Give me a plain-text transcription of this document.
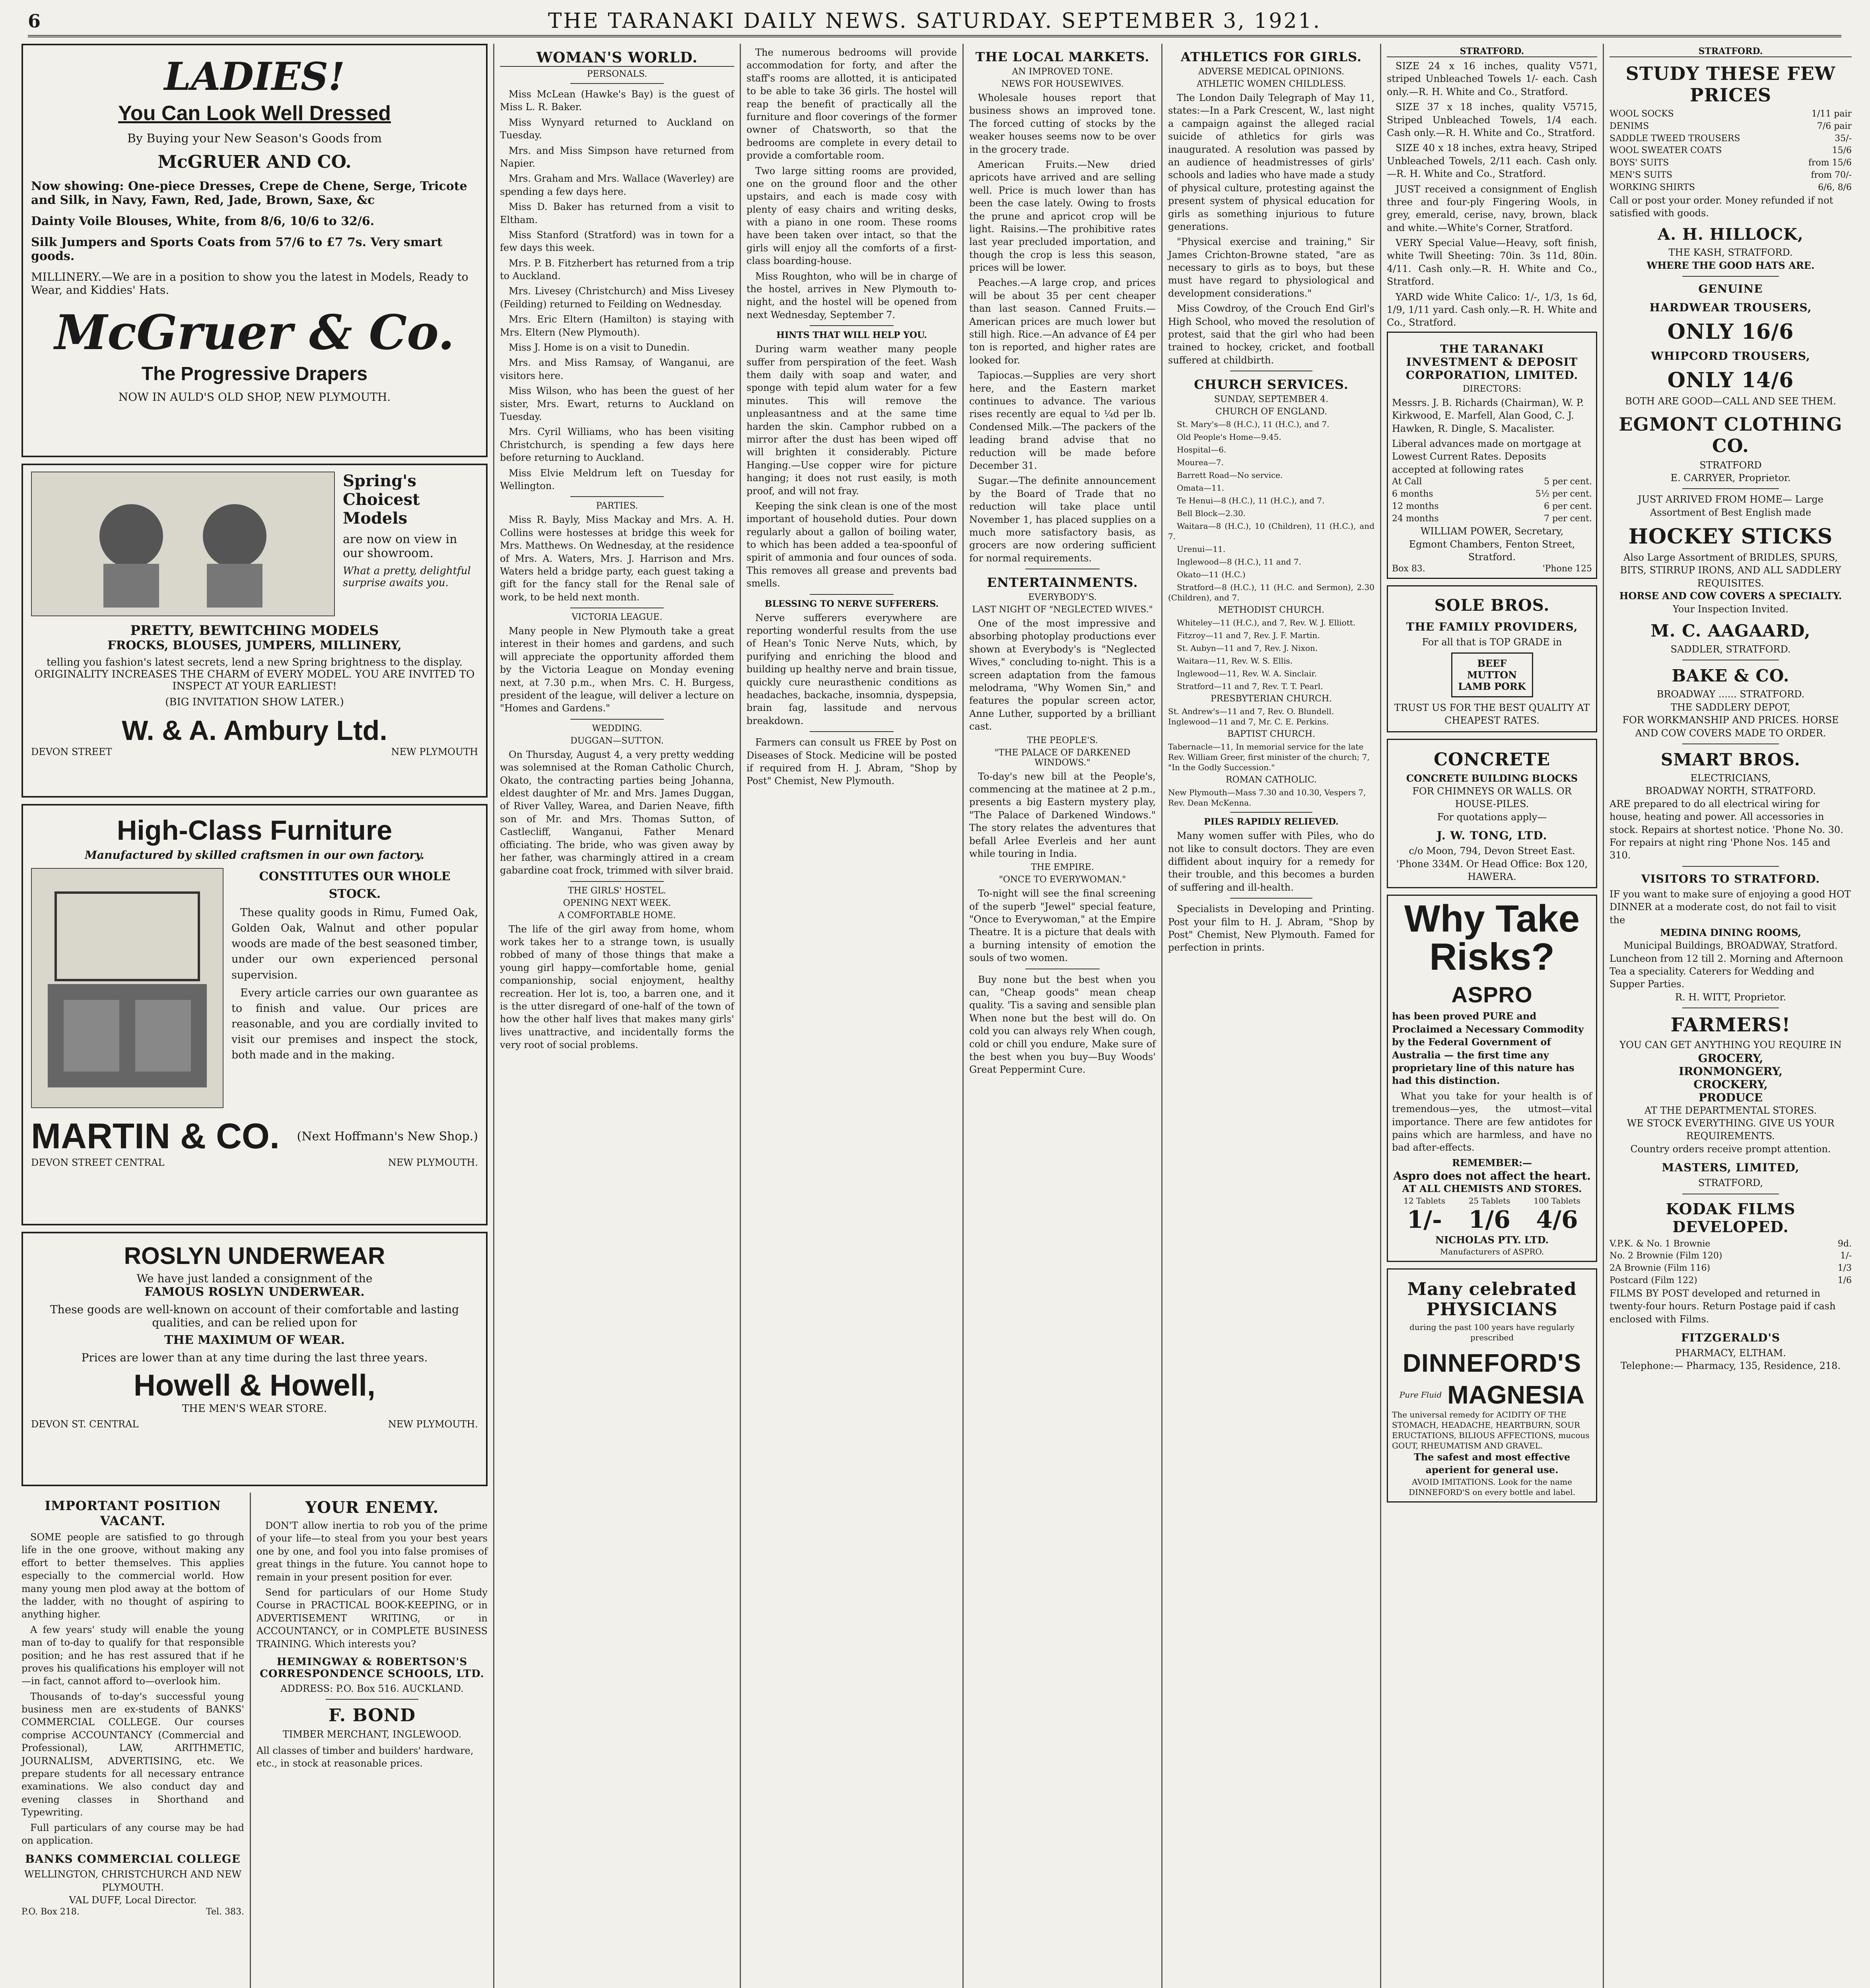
6	THE TARANAKI DAILY NEWS. SATURDAY. SEPTEMBER 3, 1921.
LADIES!
You Can Look Well Dressed
By Buying your New Season's Goods from
McGRUER AND CO.
Now showing: One-piece Dresses, Crepe de Chene, Serge, Tricote and Silk, in Navy, Fawn, Red, Jade, Brown, Saxe, &c
Dainty Voile Blouses, White, from 8/6, 10/6 to 32/6.
Silk Jumpers and Sports Coats from 57/6 to £7 7s. Very smart goods.
MILLINERY.—We are in a position to show you the latest in Models, Ready to Wear, and Kiddies' Hats.
McGruer & Co.
The Progressive Drapers
NOW IN AULD'S OLD SHOP, NEW PLYMOUTH.
Spring's Choicest Models
are now on view in our showroom.
What a pretty, delightful surprise awaits you.
PRETTY, BEWITCHING MODELS
FROCKS, BLOUSES, JUMPERS, MILLINERY,
telling you fashion's latest secrets, lend a new Spring brightness to the display. ORIGINALITY INCREASES THE CHARM of EVERY MODEL. YOU ARE INVITED TO INSPECT AT YOUR EARLIEST!
(BIG INVITATION SHOW LATER.)
W. & A. Ambury Ltd.
DEVON STREET	NEW PLYMOUTH
High-Class Furniture
Manufactured by skilled craftsmen in our own factory.
CONSTITUTES OUR WHOLE STOCK.

These quality goods in Rimu, Fumed Oak, Golden Oak, Walnut and other popular woods are made of the best seasoned timber, under our own experienced personal supervision.

Every article carries our own guarantee as to finish and value. Our prices are reasonable, and you are cordially invited to visit our premises and inspect the stock, both made and in the making.

MARTIN & CO. (Next Hoffmann's New Shop.)
DEVON STREET CENTRAL	NEW PLYMOUTH.
ROSLYN UNDERWEAR
We have just landed a consignment of the
FAMOUS ROSLYN UNDERWEAR.
These goods are well-known on account of their comfortable and lasting qualities, and can be relied upon for
THE MAXIMUM OF WEAR.
Prices are lower than at any time during the last three years.
Howell & Howell,
THE MEN'S WEAR STORE.
DEVON ST. CENTRAL	NEW PLYMOUTH.
IMPORTANT POSITION VACANT.

SOME people are satisfied to go through life in the one groove, without making any effort to better themselves. This applies especially to the commercial world. How many young men plod away at the bottom of the ladder, with no thought of aspiring to anything higher.

A few years' study will enable the young man of to-day to qualify for that responsible position; and he has rest assured that if he proves his qualifications his employer will not—in fact, cannot afford to—overlook him.

Thousands of to-day's successful young business men are ex-students of BANKS' COMMERCIAL COLLEGE. Our courses comprise ACCOUNTANCY (Commercial and Professional), LAW, ARITHMETIC, JOURNALISM, ADVERTISING, etc. We prepare students for all necessary entrance examinations. We also conduct day and evening classes in Shorthand and Typewriting.

Full particulars of any course may be had on application.

BANKS COMMERCIAL COLLEGE
WELLINGTON, CHRISTCHURCH AND NEW PLYMOUTH.
VAL DUFF, Local Director.
P.O. Box 218.	Tel. 383.
YOUR ENEMY.

DON'T allow inertia to rob you of the prime of your life—to steal from you your best years one by one, and fool you into false promises of great things in the future. You cannot hope to remain in your present position for ever.

Send for particulars of our Home Study Course in PRACTICAL BOOK-KEEPING, or in ADVERTISEMENT WRITING, or in ACCOUNTANCY, or in COMPLETE BUSINESS TRAINING. Which interests you?

HEMINGWAY & ROBERTSON'S CORRESPONDENCE SCHOOLS, LTD.
ADDRESS: P.O. Box 516. AUCKLAND.
F. BOND
TIMBER MERCHANT, INGLEWOOD.
All classes of timber and builders' hardware, etc., in stock at reasonable prices.
WOMAN'S WORLD.
PERSONALS.

Miss McLean (Hawke's Bay) is the guest of Miss L. R. Baker.

Miss Wynyard returned to Auckland on Tuesday.

Mrs. and Miss Simpson have returned from Napier.

Mrs. Graham and Mrs. Wallace (Waverley) are spending a few days here.

Miss D. Baker has returned from a visit to Eltham.

Miss Stanford (Stratford) was in town for a few days this week.

Mrs. P. B. Fitzherbert has returned from a trip to Auckland.

Mrs. Livesey (Christchurch) and Miss Livesey (Feilding) returned to Feilding on Wednesday.

Mrs. Eric Eltern (Hamilton) is staying with Mrs. Eltern (New Plymouth).

Miss J. Home is on a visit to Dunedin.

Mrs. and Miss Ramsay, of Wanganui, are visitors here.

Miss Wilson, who has been the guest of her sister, Mrs. Ewart, returns to Auckland on Tuesday.

Mrs. Cyril Williams, who has been visiting Christchurch, is spending a few days here before returning to Auckland.

Miss Elvie Meldrum left on Tuesday for Wellington.

PARTIES.

Miss R. Bayly, Miss Mackay and Mrs. A. H. Collins were hostesses at bridge this week for Mrs. Matthews. On Wednesday, at the residence of Mrs. A. Waters, Mrs. J. Harrison and Mrs. Waters held a bridge party, each guest taking a gift for the fancy stall for the Renal sale of work, to be held next month.

VICTORIA LEAGUE.

Many people in New Plymouth take a great interest in their homes and gardens, and such will appreciate the opportunity afforded them by the Victoria League on Monday evening next, at 7.30 p.m., when Mrs. C. H. Burgess, president of the league, will deliver a lecture on "Homes and Gardens."

WEDDING.
DUGGAN—SUTTON.

On Thursday, August 4, a very pretty wedding was solemnised at the Roman Catholic Church, Okato, the contracting parties being Johanna, eldest daughter of Mr. and Mrs. James Duggan, of River Valley, Warea, and Darien Neave, fifth son of Mr. and Mrs. Thomas Sutton, of Castlecliff, Wanganui, Father Menard officiating. The bride, who was given away by her father, was charmingly attired in a cream gabardine coat frock, trimmed with silver braid.

THE GIRLS' HOSTEL.
OPENING NEXT WEEK.
A COMFORTABLE HOME.

The life of the girl away from home, whom work takes her to a strange town, is usually robbed of many of those things that make a young girl happy—comfortable home, genial companionship, social enjoyment, healthy recreation. Her lot is, too, a barren one, and it is the utter disregard of one-half of the town of how the other half lives that makes many girls' lives unattractive, and incidentally forms the very root of social problems.

The numerous bedrooms will provide accommodation for forty, and after the staff's rooms are allotted, it is anticipated to be able to take 36 girls. The hostel will reap the benefit of practically all the furniture and floor coverings of the former owner of Chatsworth, so that the bedrooms are complete in every detail to provide a comfortable room.

Two large sitting rooms are provided, one on the ground floor and the other upstairs, and each is made cosy with plenty of easy chairs and writing desks, with a piano in one room. These rooms have been taken over intact, so that the girls will enjoy all the comforts of a first-class boarding-house.

Miss Roughton, who will be in charge of the hostel, arrives in New Plymouth to-night, and the hostel will be opened from next Wednesday, September 7.

HINTS THAT WILL HELP YOU.

During warm weather many people suffer from perspiration of the feet. Wash them daily with soap and water, and sponge with tepid alum water for a few minutes. This will remove the unpleasantness and at the same time harden the skin. Camphor rubbed on a mirror after the dust has been wiped off will brighten it considerably. Picture Hanging.—Use copper wire for picture hanging; it does not rust easily, is moth proof, and will not fray.

Keeping the sink clean is one of the most important of household duties. Pour down regularly about a gallon of boiling water, to which has been added a tea-spoonful of spirit of ammonia and four ounces of soda. This removes all grease and prevents bad smells.

BLESSING TO NERVE SUFFERERS.

Nerve sufferers everywhere are reporting wonderful results from the use of Hean's Tonic Nerve Nuts, which, by purifying and enriching the blood and building up healthy nerve and brain tissue, quickly cure neurasthenic conditions as headaches, backache, insomnia, dyspepsia, brain fag, lassitude and nervous breakdown.

Farmers can consult us FREE by Post on Diseases of Stock. Medicine will be posted if required from H. J. Abram, "Shop by Post" Chemist, New Plymouth.

THE LOCAL MARKETS.
AN IMPROVED TONE.
NEWS FOR HOUSEWIVES.

Wholesale houses report that business shows an improved tone. The forced cutting of stocks by the weaker houses seems now to be over in the grocery trade.

American Fruits.—New dried apricots have arrived and are selling well. Price is much lower than has been the case lately. Owing to frosts the prune and apricot crop will be light. Raisins.—The prohibitive rates last year precluded importation, and though the crop is less this season, prices will be lower.

Peaches.—A large crop, and prices will be about 35 per cent cheaper than last season. Canned Fruits.—American prices are much lower but still high. Rice.—An advance of £4 per ton is reported, and higher rates are looked for.

Tapiocas.—Supplies are very short here, and the Eastern market continues to advance. The various rises recently are equal to ¼d per lb. Condensed Milk.—The packers of the leading brand advise that no reduction will be made before December 31.

Sugar.—The definite announcement by the Board of Trade that no reduction will take place until November 1, has placed supplies on a much more satisfactory basis, as grocers are now ordering sufficient for normal requirements.

ENTERTAINMENTS.
EVERYBODY'S.
LAST NIGHT OF "NEGLECTED WIVES."

One of the most impressive and absorbing photoplay productions ever shown at Everybody's is "Neglected Wives," concluding to-night. This is a screen adaptation from the famous melodrama, "Why Women Sin," and features the popular screen actor, Anne Luther, supported by a brilliant cast.

THE PEOPLE'S.
"THE PALACE OF DARKENED WINDOWS."

To-day's new bill at the People's, commencing at the matinee at 2 p.m., presents a big Eastern mystery play, "The Palace of Darkened Windows." The story relates the adventures that befall Arlee Everleis and her aunt while touring in India.

THE EMPIRE.
"ONCE TO EVERYWOMAN."

To-night will see the final screening of the superb "Jewel" special feature, "Once to Everywoman," at the Empire Theatre. It is a picture that deals with a burning intensity of emotion the souls of two women.

Buy none but the best when you can, "Cheap goods" mean cheap quality. 'Tis a saving and sensible plan When none but the best will do. On cold you can always rely When cough, cold or chill you endure, Make sure of the best when you buy—Buy Woods' Great Peppermint Cure.

ATHLETICS FOR GIRLS.
ADVERSE MEDICAL OPINIONS.
ATHLETIC WOMEN CHILDLESS.

The London Daily Telegraph of May 11, states:—In a Park Crescent, W., last night a campaign against the alleged racial suicide of athletics for girls was inaugurated. A resolution was passed by an audience of headmistresses of girls' schools and ladies who have made a study of physical culture, protesting against the present system of physical education for girls as something injurious to future generations.

"Physical exercise and training," Sir James Crichton-Browne stated, "are as necessary to girls as to boys, but these must have regard to physiological and development considerations."

Miss Cowdroy, of the Crouch End Girl's High School, who moved the resolution of protest, said that the girl who had been trained to hockey, cricket, and football suffered at childbirth.

CHURCH SERVICES.
SUNDAY, SEPTEMBER 4.
CHURCH OF ENGLAND.

St. Mary's—8 (H.C.), 11 (H.C.), and 7.

Old People's Home—9.45.

Hospital—6.

Mourea—7.

Barrett Road—No service.

Omata—11.

Te Henui—8 (H.C.), 11 (H.C.), and 7.

Bell Block—2.30.

Waitara—8 (H.C.), 10 (Children), 11 (H.C.), and 7.

Urenui—11.

Inglewood—8 (H.C.), 11 and 7.

Okato—11 (H.C.)

Stratford—8 (H.C.), 11 (H.C. and Sermon), 2.30 (Children), and 7.

METHODIST CHURCH.

Whiteley—11 (H.C.), and 7, Rev. W. J. Elliott.

Fitzroy—11 and 7, Rev. J. F. Martin.

St. Aubyn—11 and 7, Rev. J. Nixon.

Waitara—11, Rev. W. S. Ellis.

Inglewood—11, Rev. W. A. Sinclair.

Stratford—11 and 7, Rev. T. T. Pearl.

PRESBYTERIAN CHURCH.
St. Andrew's—11 and 7, Rev. O. Blundell. Inglewood—11 and 7, Mr. C. E. Perkins.
BAPTIST CHURCH.
Tabernacle—11, In memorial service for the late Rev. William Greer, first minister of the church; 7, "In the Godly Succession."
ROMAN CATHOLIC.
New Plymouth—Mass 7.30 and 10.30, Vespers 7, Rev. Dean McKenna.
PILES RAPIDLY RELIEVED.

Many women suffer with Piles, who do not like to consult doctors. They are even diffident about inquiry for a remedy for their trouble, and this becomes a burden of suffering and ill-health.

Specialists in Developing and Printing. Post your film to H. J. Abram, "Shop by Post" Chemist, New Plymouth. Famed for perfection in prints.

STRATFORD.

SIZE 24 x 16 inches, quality V571, striped Unbleached Towels 1/- each. Cash only.—R. H. White and Co., Stratford.

SIZE 37 x 18 inches, quality V5715, Striped Unbleached Towels, 1/4 each. Cash only.—R. H. White and Co., Stratford.

SIZE 40 x 18 inches, extra heavy, Striped Unbleached Towels, 2/11 each. Cash only.—R. H. White and Co., Stratford.

JUST received a consignment of English three and four-ply Fingering Wools, in grey, emerald, cerise, navy, brown, black and white.—White's Corner, Stratford.

VERY Special Value—Heavy, soft finish, white Twill Sheeting: 70in. 3s 11d, 80in. 4/11. Cash only.—R. H. White and Co., Stratford.

YARD wide White Calico: 1/-, 1/3, 1s 6d, 1/9, 1/11 yard. Cash only.—R. H. White and Co., Stratford.

THE TARANAKI INVESTMENT & DEPOSIT CORPORATION, LIMITED.
DIRECTORS:
Messrs. J. B. Richards (Chairman), W. P. Kirkwood, E. Marfell, Alan Good, C. J. Hawken, R. Dingle, S. Macalister.
Liberal advances made on mortgage at Lowest Current Rates. Deposits accepted at following rates
At Call	5 per cent.
6 months	5½ per cent.
12 months	6 per cent.
24 months	7 per cent.
WILLIAM POWER, Secretary,
Egmont Chambers, Fenton Street, Stratford.
Box 83.	'Phone 125
SOLE BROS.
THE FAMILY PROVIDERS,
For all that is TOP GRADE in
BEEF MUTTON LAMB PORK
TRUST US FOR THE BEST QUALITY AT CHEAPEST RATES.
CONCRETE
CONCRETE BUILDING BLOCKS
FOR CHIMNEYS OR WALLS. OR HOUSE-PILES.
For quotations apply—
J. W. TONG, LTD.
c/o Moon, 794, Devon Street East. 'Phone 334M. Or Head Office: Box 120, HAWERA.
Why Take Risks?
ASPRO
has been proved PURE and Proclaimed a Necessary Commodity by the Federal Government of Australia — the first time any proprietary line of this nature has had this distinction.

What you take for your health is of tremendous—yes, the utmost—vital importance. There are few antidotes for pains which are harmless, and have no bad after-effects.

REMEMBER:—
Aspro does not affect the heart.
AT ALL CHEMISTS AND STORES.
12 Tablets
1/-
25 Tablets
1/6
100 Tablets
4/6
NICHOLAS PTY. LTD.
Manufacturers of ASPRO.
Many celebrated PHYSICIANS
during the past 100 years have regularly prescribed
DINNEFORD'S
Pure Fluid MAGNESIA
The universal remedy for ACIDITY OF THE STOMACH, HEADACHE, HEARTBURN, SOUR ERUCTATIONS, BILIOUS AFFECTIONS, mucous GOUT, RHEUMATISM AND GRAVEL.
The safest and most effective aperient for general use.
AVOID IMITATIONS. Look for the name DINNEFORD'S on every bottle and label.
STRATFORD.
STUDY THESE FEW PRICES
WOOL SOCKS	1/11 pair
DENIMS	7/6 pair
SADDLE TWEED TROUSERS	35/-
WOOL SWEATER COATS	15/6
BOYS' SUITS	from 15/6
MEN'S SUITS	from 70/-
WORKING SHIRTS	6/6, 8/6
Call or post your order. Money refunded if not satisfied with goods.
A. H. HILLOCK,
THE KASH, STRATFORD.
WHERE THE GOOD HATS ARE.
GENUINE
HARDWEAR TROUSERS,
ONLY 16/6
WHIPCORD TROUSERS,
ONLY 14/6
BOTH ARE GOOD—CALL AND SEE THEM.
EGMONT CLOTHING CO.
STRATFORD
E. CARRYER, Proprietor.
JUST ARRIVED FROM HOME— Large Assortment of Best English made
HOCKEY STICKS
Also Large Assortment of BRIDLES, SPURS, BITS, STIRRUP IRONS, AND ALL SADDLERY REQUISITES.
HORSE AND COW COVERS A SPECIALTY.
Your Inspection Invited.
M. C. AAGAARD,
SADDLER, STRATFORD.
BAKE & CO.
BROADWAY ...... STRATFORD.
THE SADDLERY DEPOT,
FOR WORKMANSHIP AND PRICES. HORSE AND COW COVERS MADE TO ORDER.
SMART BROS.
ELECTRICIANS,
BROADWAY NORTH, STRATFORD.
ARE prepared to do all electrical wiring for house, heating and power. All accessories in stock. Repairs at shortest notice. 'Phone No. 30.
For repairs at night ring 'Phone Nos. 145 and 310.
VISITORS TO STRATFORD.
IF you want to make sure of enjoying a good HOT DINNER at a moderate cost, do not fail to visit the
MEDINA DINING ROOMS,
Municipal Buildings, BROADWAY, Stratford.
Luncheon from 12 till 2. Morning and Afternoon Tea a speciality. Caterers for Wedding and Supper Parties.
R. H. WITT, Proprietor.
FARMERS!
YOU CAN GET ANYTHING YOU REQUIRE IN
GROCERY,
IRONMONGERY,
CROCKERY,
PRODUCE
AT THE DEPARTMENTAL STORES.
WE STOCK EVERYTHING. GIVE US YOUR REQUIREMENTS.
Country orders receive prompt attention.
MASTERS, LIMITED,
STRATFORD,
KODAK FILMS DEVELOPED.
V.P.K. & No. 1 Brownie	9d.
No. 2 Brownie (Film 120)	1/-
2A Brownie (Film 116)	1/3
Postcard (Film 122)	1/6
FILMS BY POST developed and returned in twenty-four hours. Return Postage paid if cash enclosed with Films.
FITZGERALD'S
PHARMACY, ELTHAM.
Telephone:— Pharmacy, 135, Residence, 218.
